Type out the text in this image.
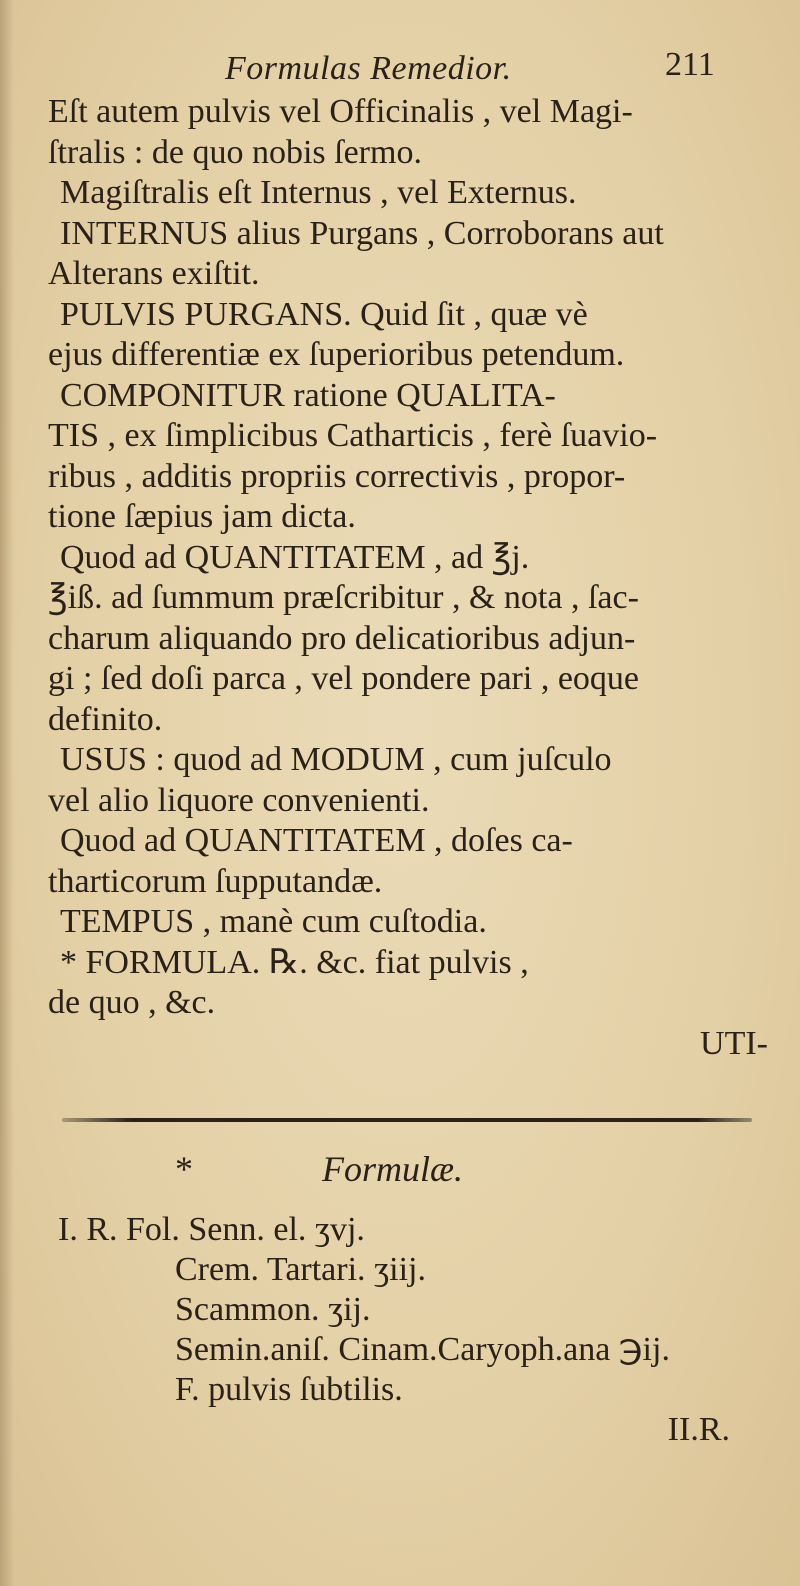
Formulas Remedior.	211
Eſt autem pulvis vel Officinalis , vel Magi-
ſtralis : de quo nobis ſermo.
Magiſtralis eſt Internus , vel Externus.
INTERNUS alius Purgans , Corroborans aut
Alterans exiſtit.
PULVIS PURGANS. Quid ſit , quæ vè
ejus differentiæ ex ſuperioribus petendum.
COMPONITUR ratione QUALITA-
TIS , ex ſimplicibus Catharticis , ferè ſuavio-
ribus , additis propriis correctivis , propor-
tione ſæpius jam dicta.
Quod ad QUANTITATEM , ad ℥j.
℥iß. ad ſummum præſcribitur , & nota , ſac-
charum aliquando pro delicatioribus adjun-
gi ; ſed doſi parca , vel pondere pari , eoque
definito.
USUS : quod ad MODUM , cum juſculo
vel alio liquore convenienti.
Quod ad QUANTITATEM , doſes ca-
tharticorum ſupputandæ.
TEMPUS , manè cum cuſtodia.
* FORMULA. ℞. &c. fiat pulvis ,
de quo , &c.
UTI-
*	Formulæ.
I. R. Fol. Senn. el. ʒvj.
Crem. Tartari. ʒiij.
Scammon. ʒij.
Semin.aniſ. Cinam.Caryoph.ana ℈ij.
F. pulvis ſubtilis.
II.R.
